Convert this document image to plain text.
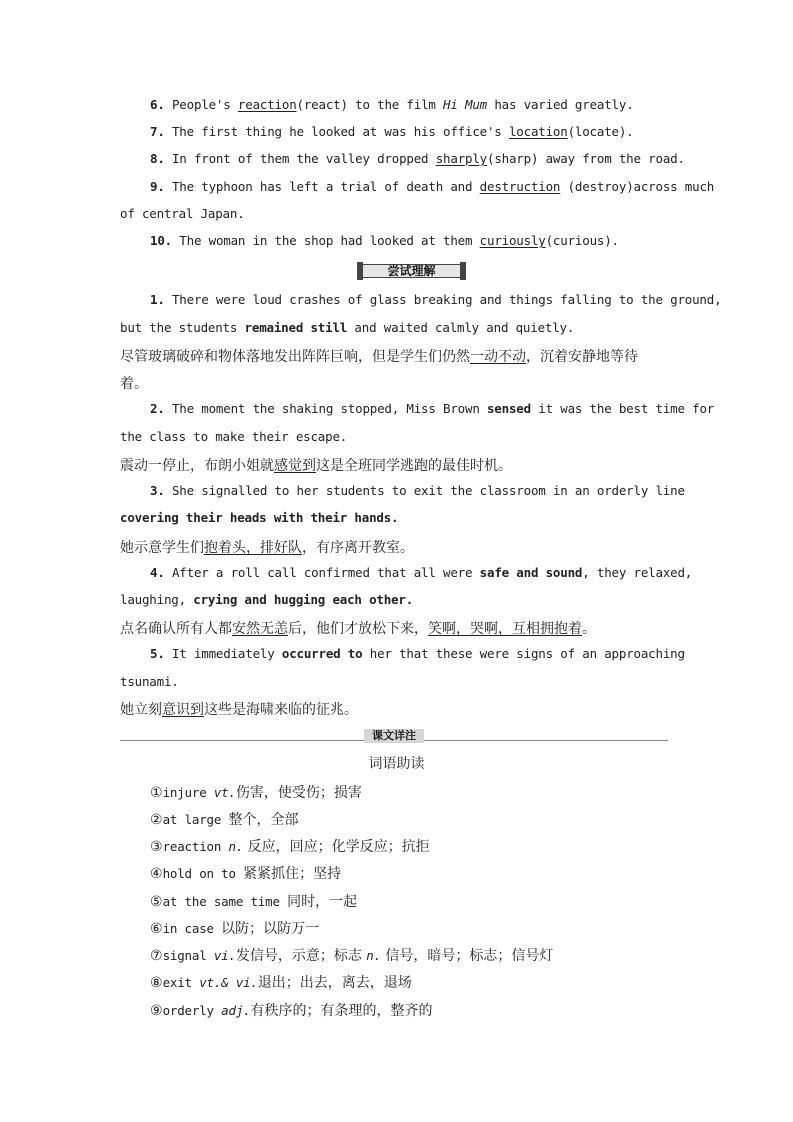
6. People's reaction(react) to the film Hi Mum has varied greatly.
7. The first thing he looked at was his office's location(locate).
8. In front of them the valley dropped sharply(sharp) away from the road.
9. The typhoon has left a trial of death and destruction (destroy)across much
of central Japan.
10. The woman in the shop had looked at them curiously(curious).
尝试理解
1. There were loud crashes of glass breaking and things falling to the ground,
but the students remained still and waited calmly and quietly.
尽管玻璃破碎和物体落地发出阵阵巨响，但是学生们仍然一动不动，沉着安静地等待
着。
2. The moment the shaking stopped, Miss Brown sensed it was the best time for
the class to make their escape.
震动一停止，布朗小姐就感觉到这是全班同学逃跑的最佳时机。
3. She signalled to her students to exit the classroom in an orderly line
covering their heads with their hands.
她示意学生们抱着头，排好队，有序离开教室。
4. After a roll call confirmed that all were safe and sound, they relaxed,
laughing, crying and hugging each other.
点名确认所有人都安然无恙后，他们才放松下来，笑啊，哭啊，互相拥抱着。
5. It immediately occurred to her that these were signs of an approaching
tsunami.
她立刻意识到这些是海啸来临的征兆。
课文详注
词语助读
①injure vt.伤害，使受伤；损害
②at large 整个，全部
③reaction n. 反应，回应；化学反应；抗拒
④hold on to 紧紧抓住；坚持
⑤at the same time 同时，一起
⑥in case 以防；以防万一
⑦signal vi.发信号，示意；标志 n. 信号，暗号；标志；信号灯
⑧exit vt.& vi.退出；出去，离去，退场
⑨orderly adj.有秩序的；有条理的，整齐的
